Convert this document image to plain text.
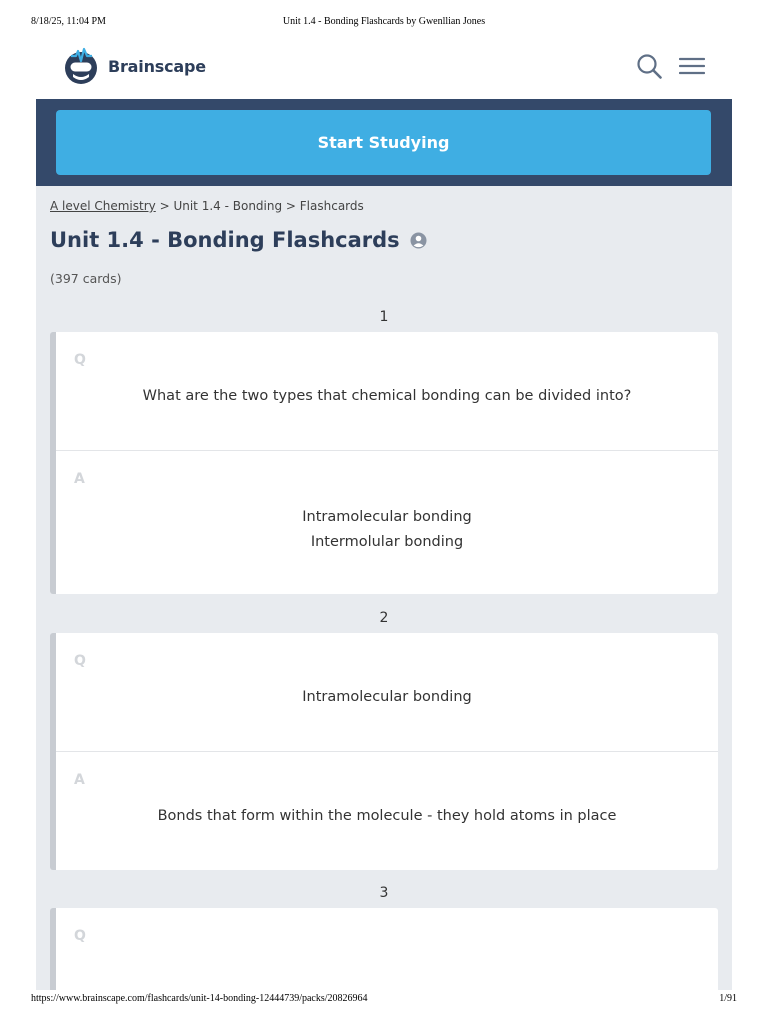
8/18/25, 11:04 PM	Unit 1.4 - Bonding Flashcards by Gwenllian Jones
Brainscape
Start Studying
A level Chemistry > Unit 1.4 - Bonding > Flashcards
Unit 1.4 - Bonding Flashcards
(397 cards)
1
Q
What are the two types that chemical bonding can be divided into?
A
Intramolecular bonding
Intermolular bonding
2
Q
Intramolecular bonding
A
Bonds that form within the molecule - they hold atoms in place
3
Q
https://www.brainscape.com/flashcards/unit-14-bonding-12444739/packs/20826964	1/91
